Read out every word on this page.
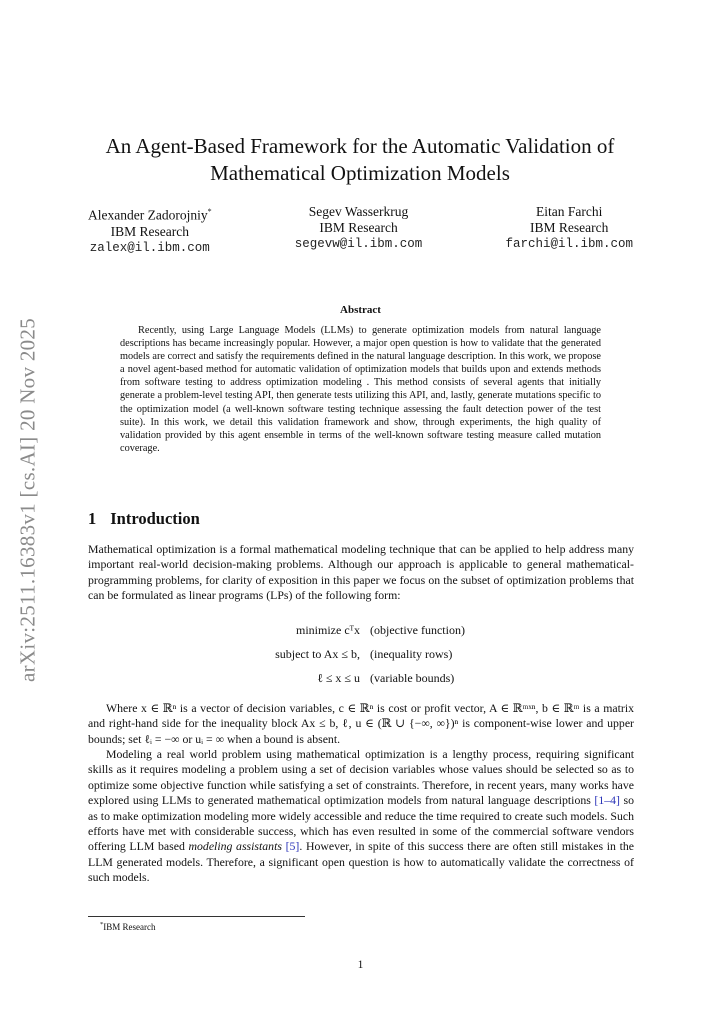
arXiv:2511.16383v1 [cs.AI] 20 Nov 2025
An Agent-Based Framework for the Automatic Validation of Mathematical Optimization Models
Alexander Zadorojniy*
IBM Research
zalex@il.ibm.com
Segev Wasserkrug
IBM Research
segevw@il.ibm.com
Eitan Farchi
IBM Research
farchi@il.ibm.com
Abstract

Recently, using Large Language Models (LLMs) to generate optimization models from natural language descriptions has became increasingly popular. However, a major open question is how to validate that the generated models are correct and satisfy the requirements defined in the natural language description. In this work, we propose a novel agent-based method for automatic validation of optimization models that builds upon and extends methods from software testing to address optimization modeling . This method consists of several agents that initially generate a problem-level testing API, then generate tests utilizing this API, and, lastly, generate mutations specific to the optimization model (a well-known software testing technique assessing the fault detection power of the test suite). In this work, we detail this validation framework and show, through experiments, the high quality of validation provided by this agent ensemble in terms of the well-known software testing measure called mutation coverage.

1 Introduction

Mathematical optimization is a formal mathematical modeling technique that can be applied to help address many important real-world decision-making problems. Although our approach is applicable to general mathematical-programming problems, for clarity of exposition in this paper we focus on the subset of optimization problems that can be formulated as linear programs (LPs) of the following form:

minimize cᵀx (objective function)
subject to Ax ≤ b, (inequality rows)
ℓ ≤ x ≤ u (variable bounds)

Where x ∈ ℝⁿ is a vector of decision variables, c ∈ ℝⁿ is cost or profit vector, A ∈ ℝᵐˣⁿ, b ∈ ℝᵐ is a matrix and right-hand side for the inequality block Ax ≤ b, ℓ, u ∈ (ℝ ∪ {−∞, ∞})ⁿ is component-wise lower and upper bounds; set ℓᵢ = −∞ or uᵢ = ∞ when a bound is absent.

Modeling a real world problem using mathematical optimization is a lengthy process, requiring significant skills as it requires modeling a problem using a set of decision variables whose values should be selected so as to optimize some objective function while satisfying a set of constraints. Therefore, in recent years, many works have explored using LLMs to generated mathematical optimization models from natural language descriptions [1–4] so as to make optimization modeling more widely accessible and reduce the time required to create such models. Such efforts have met with considerable success, which has even resulted in some of the commercial software vendors offering LLM based modeling assistants [5]. However, in spite of this success there are often still mistakes in the LLM generated models. Therefore, a significant open question is how to automatically validate the correctness of such models.

*IBM Research
1
